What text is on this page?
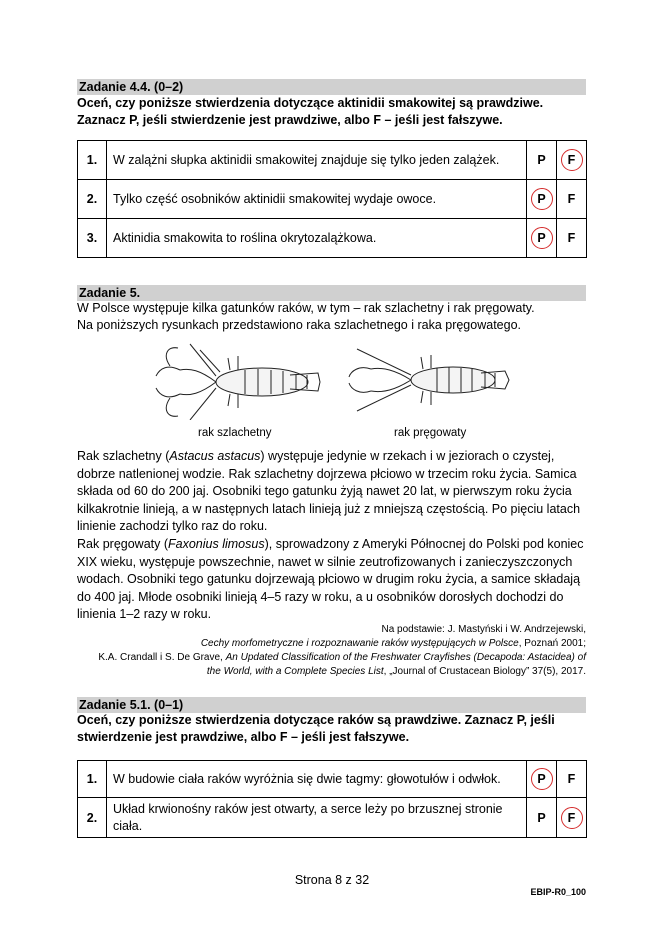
Zadanie 4.4. (0–2)
Oceń, czy poniższe stwierdzenia dotyczące aktinidii smakowitej są prawdziwe.
Zaznacz P, jeśli stwierdzenie jest prawdziwe, albo F – jeśli jest fałszywe.
1.	W zalążni słupka aktinidii smakowitej znajduje się tylko jeden zalążek.	P	F

2.	Tylko część osobników aktinidii smakowitej wydaje owoce.	P	F
3.	Aktinidia smakowita to roślina okrytozalążkowa.	P	F
Zadanie 5.
W Polsce występuje kilka gatunków raków, w tym – rak szlachetny i rak pręgowaty.
Na poniższych rysunkach przedstawiono raka szlachetnego i raka pręgowatego.
rak szlachetny	rak pręgowaty
Rak szlachetny (Astacus astacus) występuje jedynie w rzekach i w jeziorach o czystej, dobrze natlenionej wodzie. Rak szlachetny dojrzewa płciowo w trzecim roku życia. Samica składa od 60 do 200 jaj. Osobniki tego gatunku żyją nawet 20 lat, w pierwszym roku życia kilkakrotnie linieją, a w następnych latach linieją już z mniejszą częstością. Po pięciu latach linienie zachodzi tylko raz do roku.
Rak pręgowaty (Faxonius limosus), sprowadzony z Ameryki Północnej do Polski pod koniec XIX wieku, występuje powszechnie, nawet w silnie zeutrofizowanych i zanieczyszczonych wodach. Osobniki tego gatunku dojrzewają płciowo w drugim roku życia, a samice składają do 400 jaj. Młode osobniki linieją 4–5 razy w roku, a u osobników dorosłych dochodzi do linienia 1–2 razy w roku.
Na podstawie: J. Mastyński i W. Andrzejewski,
Cechy morfometryczne i rozpoznawanie raków występujących w Polsce, Poznań 2001;
K.A. Crandall i S. De Grave, An Updated Classification of the Freshwater Crayfishes (Decapoda: Astacidea) of
the World, with a Complete Species List, „Journal of Crustacean Biology” 37(5), 2017.
Zadanie 5.1. (0–1)
Oceń, czy poniższe stwierdzenia dotyczące raków są prawdziwe. Zaznacz P, jeśli
stwierdzenie jest prawdziwe, albo F – jeśli jest fałszywe.
1.	W budowie ciała raków wyróżnia się dwie tagmy: głowotułów i odwłok.	P	F
2.	Układ krwionośny raków jest otwarty, a serce leży po brzusznej stronie ciała.	P	F
Strona 8 z 32
EBIP-R0_100
